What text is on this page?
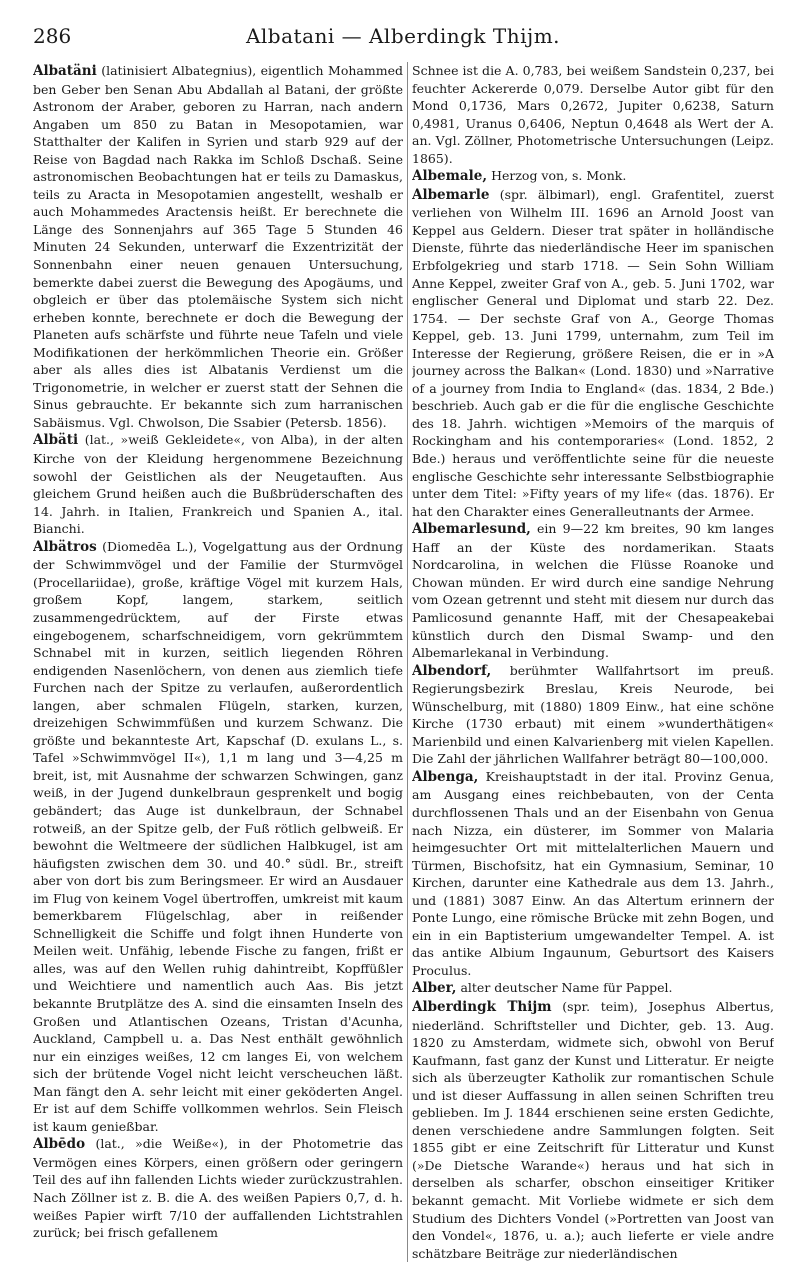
286	Albatani — Alberdingk Thijm.

Albatäni (latinisiert Albategnius), eigentlich Mohammed ben Geber ben Senan Abu Abdallah al Batani, der größte Astronom der Araber, geboren zu Harran, nach andern Angaben um 850 zu Batan in Mesopotamien, war Statthalter der Kalifen in Syrien und starb 929 auf der Reise von Bagdad nach Rakka im Schloß Dschaß. Seine astronomischen Beobachtungen hat er teils zu Damaskus, teils zu Aracta in Mesopotamien angestellt, weshalb er auch Mohammedes Aractensis heißt. Er berechnete die Länge des Sonnenjahrs auf 365 Tage 5 Stunden 46 Minuten 24 Sekunden, unterwarf die Exzentrizität der Sonnenbahn einer neuen genauen Untersuchung, bemerkte dabei zuerst die Bewegung des Apogäums, und obgleich er über das ptolemäische System sich nicht erheben konnte, berechnete er doch die Bewegung der Planeten aufs schärfste und führte neue Tafeln und viele Modifikationen der herkömmlichen Theorie ein. Größer aber als alles dies ist Albatanis Verdienst um die Trigonometrie, in welcher er zuerst statt der Sehnen die Sinus gebrauchte. Er bekannte sich zum harranischen Sabäismus. Vgl. Chwolson, Die Ssabier (Petersb. 1856).

Albäti (lat., »weiß Gekleidete«, von Alba), in der alten Kirche von der Kleidung hergenommene Bezeichnung sowohl der Geistlichen als der Neugetauften. Aus gleichem Grund heißen auch die Bußbrüderschaften des 14. Jahrh. in Italien, Frankreich und Spanien A., ital. Bianchi.

Albätros (Diomedēa L.), Vogelgattung aus der Ordnung der Schwimmvögel und der Familie der Sturmvögel (Procellariidae), große, kräftige Vögel mit kurzem Hals, großem Kopf, langem, starkem, seitlich zusammengedrücktem, auf der Firste etwas eingebogenem, scharfschneidigem, vorn gekrümmtem Schnabel mit in kurzen, seitlich liegenden Röhren endigenden Nasenlöchern, von denen aus ziemlich tiefe Furchen nach der Spitze zu verlaufen, außerordentlich langen, aber schmalen Flügeln, starken, kurzen, dreizehigen Schwimmfüßen und kurzem Schwanz. Die größte und bekannteste Art, Kapschaf (D. exulans L., s. Tafel »Schwimmvögel II«), 1,1 m lang und 3—4,25 m breit, ist, mit Ausnahme der schwarzen Schwingen, ganz weiß, in der Jugend dunkelbraun gesprenkelt und bogig gebändert; das Auge ist dunkelbraun, der Schnabel rotweiß, an der Spitze gelb, der Fuß rötlich gelbweiß. Er bewohnt die Weltmeere der südlichen Halbkugel, ist am häufigsten zwischen dem 30. und 40.° südl. Br., streift aber von dort bis zum Beringsmeer. Er wird an Ausdauer im Flug von keinem Vogel übertroffen, umkreist mit kaum bemerkbarem Flügelschlag, aber in reißender Schnelligkeit die Schiffe und folgt ihnen Hunderte von Meilen weit. Unfähig, lebende Fische zu fangen, frißt er alles, was auf den Wellen ruhig dahintreibt, Kopffüßler und Weichtiere und namentlich auch Aas. Bis jetzt bekannte Brutplätze des A. sind die einsamten Inseln des Großen und Atlantischen Ozeans, Tristan d'Acunha, Auckland, Campbell u. a. Das Nest enthält gewöhnlich nur ein einziges weißes, 12 cm langes Ei, von welchem sich der brütende Vogel nicht leicht verscheuchen läßt. Man fängt den A. sehr leicht mit einer geköderten Angel. Er ist auf dem Schiffe vollkommen wehrlos. Sein Fleisch ist kaum genießbar.

Albēdo (lat., »die Weiße«), in der Photometrie das Vermögen eines Körpers, einen größern oder geringern Teil des auf ihn fallenden Lichts wieder zurückzustrahlen. Nach Zöllner ist z. B. die A. des weißen Papiers 0,7, d. h. weißes Papier wirft 7/10 der auffallenden Lichtstrahlen zurück; bei frisch gefallenem

Schnee ist die A. 0,783, bei weißem Sandstein 0,237, bei feuchter Ackererde 0,079. Derselbe Autor gibt für den Mond 0,1736, Mars 0,2672, Jupiter 0,6238, Saturn 0,4981, Uranus 0,6406, Neptun 0,4648 als Wert der A. an. Vgl. Zöllner, Photometrische Untersuchungen (Leipz. 1865).

Albemale, Herzog von, s. Monk.

Albemarle (spr. älbimarl), engl. Grafentitel, zuerst verliehen von Wilhelm III. 1696 an Arnold Joost van Keppel aus Geldern. Dieser trat später in holländische Dienste, führte das niederländische Heer im spanischen Erbfolgekrieg und starb 1718. — Sein Sohn William Anne Keppel, zweiter Graf von A., geb. 5. Juni 1702, war englischer General und Diplomat und starb 22. Dez. 1754. — Der sechste Graf von A., George Thomas Keppel, geb. 13. Juni 1799, unternahm, zum Teil im Interesse der Regierung, größere Reisen, die er in »A journey across the Balkan« (Lond. 1830) und »Narrative of a journey from India to England« (das. 1834, 2 Bde.) beschrieb. Auch gab er die für die englische Geschichte des 18. Jahrh. wichtigen »Memoirs of the marquis of Rockingham and his contemporaries« (Lond. 1852, 2 Bde.) heraus und veröffentlichte seine für die neueste englische Geschichte sehr interessante Selbstbiographie unter dem Titel: »Fifty years of my life« (das. 1876). Er hat den Charakter eines Generalleutnants der Armee.

Albemarlesund, ein 9—22 km breites, 90 km langes Haff an der Küste des nordamerikan. Staats Nordcarolina, in welchen die Flüsse Roanoke und Chowan münden. Er wird durch eine sandige Nehrung vom Ozean getrennt und steht mit diesem nur durch das Pamlicosund genannte Haff, mit der Chesapeakebai künstlich durch den Dismal Swamp- und den Albemarlekanal in Verbindung.

Albendorf, berühmter Wallfahrtsort im preuß. Regierungsbezirk Breslau, Kreis Neurode, bei Wünschelburg, mit (1880) 1809 Einw., hat eine schöne Kirche (1730 erbaut) mit einem »wunderthätigen« Marienbild und einen Kalvarienberg mit vielen Kapellen. Die Zahl der jährlichen Wallfahrer beträgt 80—100,000.

Albenga, Kreishauptstadt in der ital. Provinz Genua, am Ausgang eines reichbebauten, von der Centa durchflossenen Thals und an der Eisenbahn von Genua nach Nizza, ein düsterer, im Sommer von Malaria heimgesuchter Ort mit mittelalterlichen Mauern und Türmen, Bischofsitz, hat ein Gymnasium, Seminar, 10 Kirchen, darunter eine Kathedrale aus dem 13. Jahrh., und (1881) 3087 Einw. An das Altertum erinnern der Ponte Lungo, eine römische Brücke mit zehn Bogen, und ein in ein Baptisterium umgewandelter Tempel. A. ist das antike Albium Ingaunum, Geburtsort des Kaisers Proculus.

Alber, alter deutscher Name für Pappel.

Alberdingk Thijm (spr. teim), Josephus Albertus, niederländ. Schriftsteller und Dichter, geb. 13. Aug. 1820 zu Amsterdam, widmete sich, obwohl von Beruf Kaufmann, fast ganz der Kunst und Litteratur. Er neigte sich als überzeugter Katholik zur romantischen Schule und ist dieser Auffassung in allen seinen Schriften treu geblieben. Im J. 1844 erschienen seine ersten Gedichte, denen verschiedene andre Sammlungen folgten. Seit 1855 gibt er eine Zeitschrift für Litteratur und Kunst (»De Dietsche Warande«) heraus und hat sich in derselben als scharfer, obschon einseitiger Kritiker bekannt gemacht. Mit Vorliebe widmete er sich dem Studium des Dichters Vondel (»Portretten van Joost van den Vondel«, 1876, u. a.); auch lieferte er viele andre schätzbare Beiträge zur niederländischen
